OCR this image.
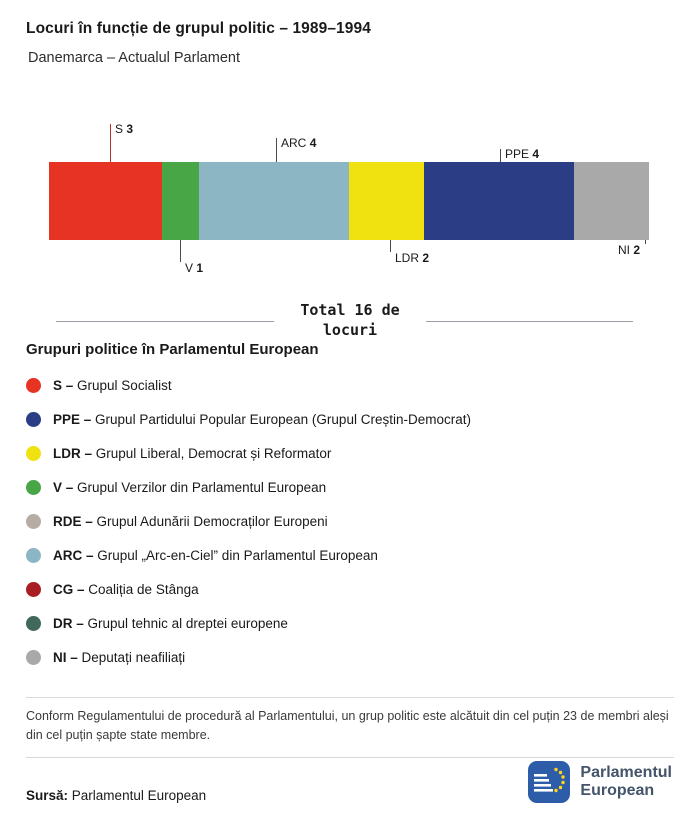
Locuri în funcție de grupul politic – 1989–1994
Danemarca – Actualul Parlament
S 3
ARC 4
PPE 4
V 1
LDR 2
NI 2
Total 16 de locuri
Grupuri politice în Parlamentul European
S – Grupul Socialist
PPE – Grupul Partidului Popular European (Grupul Creștin-Democrat)
LDR – Grupul Liberal, Democrat și Reformator
V – Grupul Verzilor din Parlamentul European
RDE – Grupul Adunării Democraților Europeni
ARC – Grupul „Arc-en-Ciel” din Parlamentul European
CG – Coaliția de Stânga
DR – Grupul tehnic al dreptei europene
NI – Deputați neafiliați

Conform Regulamentului de procedură al Parlamentului, un grup politic este alcătuit din cel puțin 23 de membri aleși din cel puțin șapte state membre.

Sursă: Parlamentul European

Parlamentul
European
